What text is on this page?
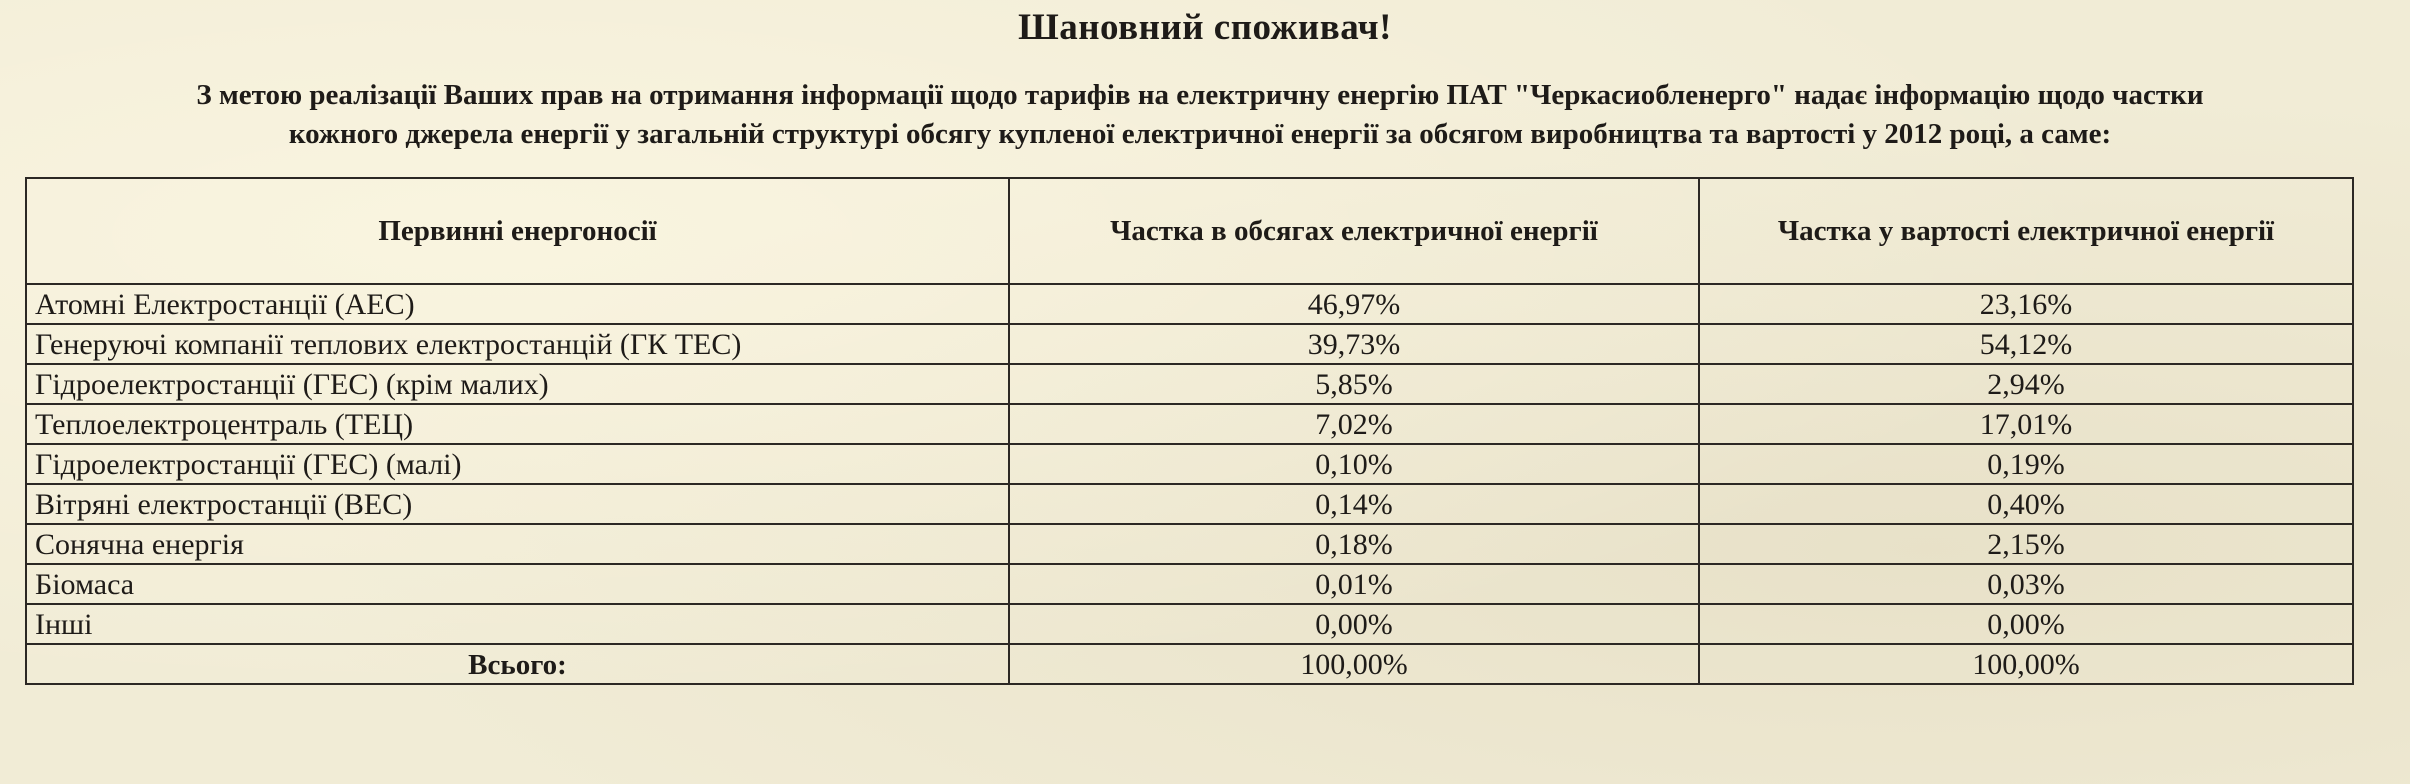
Шановний споживач!
З метою реалізації Ваших прав на отримання інформації щодо тарифів на електричну енергію ПАТ "Черкасиобленерго" надає інформацію щодо частки
кожного джерела енергії у загальній структурі обсягу купленої електричної енергії за обсягом виробництва та вартості у 2012 році, а саме:
Первинні енергоносії	Частка в обсягах електричної енергії	Частка у вартості електричної енергії
Атомні Електростанції (АЕС)	46,97%	23,16%
Генеруючі компанії теплових електростанцій (ГК ТЕС)	39,73%	54,12%
Гідроелектростанції (ГЕС) (крім малих)	5,85%	2,94%
Теплоелектроцентраль (ТЕЦ)	7,02%	17,01%
Гідроелектростанції (ГЕС) (малі)	0,10%	0,19%
Вітряні електростанції (ВЕС)	0,14%	0,40%
Сонячна енергія	0,18%	2,15%
Біомаса	0,01%	0,03%
Інші	0,00%	0,00%
Всього:	100,00%	100,00%
